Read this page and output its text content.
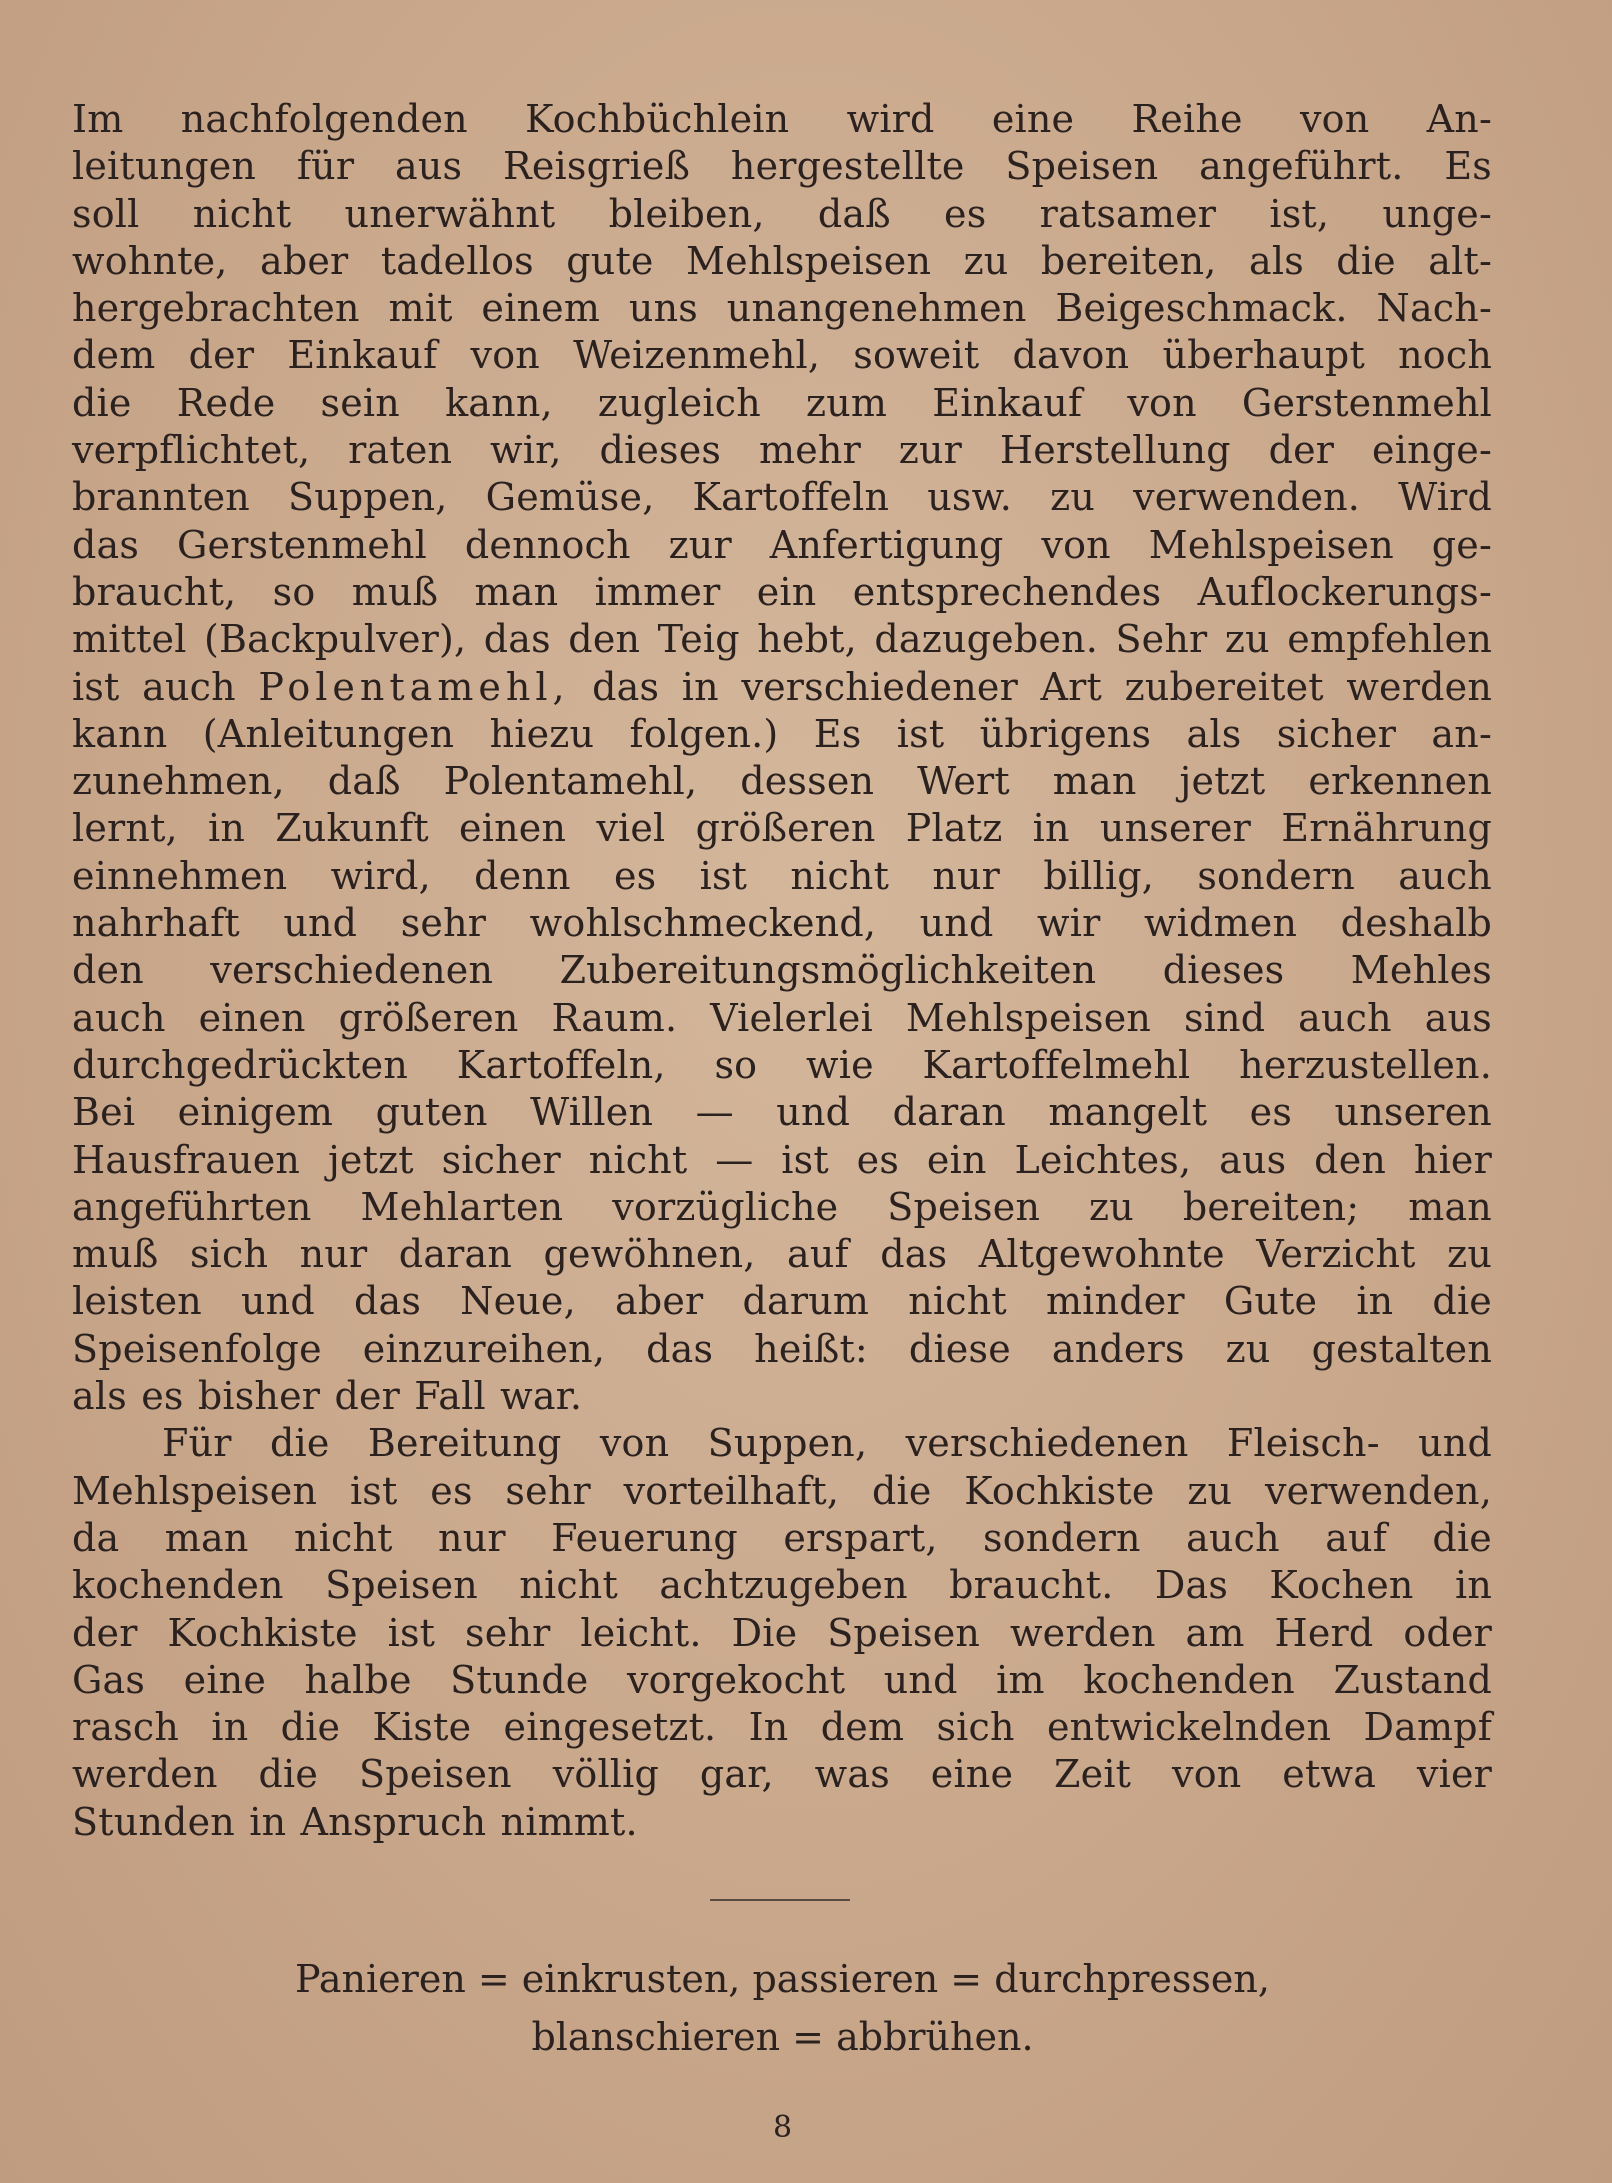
Im nachfolgenden Kochbüchlein wird eine Reihe von An-
leitungen für aus Reisgrieß hergestellte Speisen angeführt. Es
soll nicht unerwähnt bleiben, daß es ratsamer ist, unge-
wohnte, aber tadellos gute Mehlspeisen zu bereiten, als die alt-
hergebrachten mit einem uns unangenehmen Beigeschmack. Nach-
dem der Einkauf von Weizenmehl, soweit davon überhaupt noch
die Rede sein kann, zugleich zum Einkauf von Gerstenmehl
verpflichtet, raten wir, dieses mehr zur Herstellung der einge-
brannten Suppen, Gemüse, Kartoffeln usw. zu verwenden. Wird
das Gerstenmehl dennoch zur Anfertigung von Mehlspeisen ge-
braucht, so muß man immer ein entsprechendes Auflockerungs-
mittel (Backpulver), das den Teig hebt, dazugeben. Sehr zu empfehlen
ist auch Polentamehl, das in verschiedener Art zubereitet werden
kann (Anleitungen hiezu folgen.) Es ist übrigens als sicher an-
zunehmen, daß Polentamehl, dessen Wert man jetzt erkennen
lernt, in Zukunft einen viel größeren Platz in unserer Ernährung
einnehmen wird, denn es ist nicht nur billig, sondern auch
nahrhaft und sehr wohlschmeckend, und wir widmen deshalb
den verschiedenen Zubereitungsmöglichkeiten dieses Mehles
auch einen größeren Raum. Vielerlei Mehlspeisen sind auch aus
durchgedrückten Kartoffeln, so wie Kartoffelmehl herzustellen.
Bei einigem guten Willen — und daran mangelt es unseren
Hausfrauen jetzt sicher nicht — ist es ein Leichtes, aus den hier
angeführten Mehlarten vorzügliche Speisen zu bereiten; man
muß sich nur daran gewöhnen, auf das Altgewohnte Verzicht zu
leisten und das Neue, aber darum nicht minder Gute in die
Speisenfolge einzureihen, das heißt: diese anders zu gestalten
als es bisher der Fall war.
Für die Bereitung von Suppen, verschiedenen Fleisch- und
Mehlspeisen ist es sehr vorteilhaft, die Kochkiste zu verwenden,
da man nicht nur Feuerung erspart, sondern auch auf die
kochenden Speisen nicht achtzugeben braucht. Das Kochen in
der Kochkiste ist sehr leicht. Die Speisen werden am Herd oder
Gas eine halbe Stunde vorgekocht und im kochenden Zustand
rasch in die Kiste eingesetzt. In dem sich entwickelnden Dampf
werden die Speisen völlig gar, was eine Zeit von etwa vier
Stunden in Anspruch nimmt.
Panieren = einkrusten, passieren = durchpressen,
blanschieren = abbrühen.
8
